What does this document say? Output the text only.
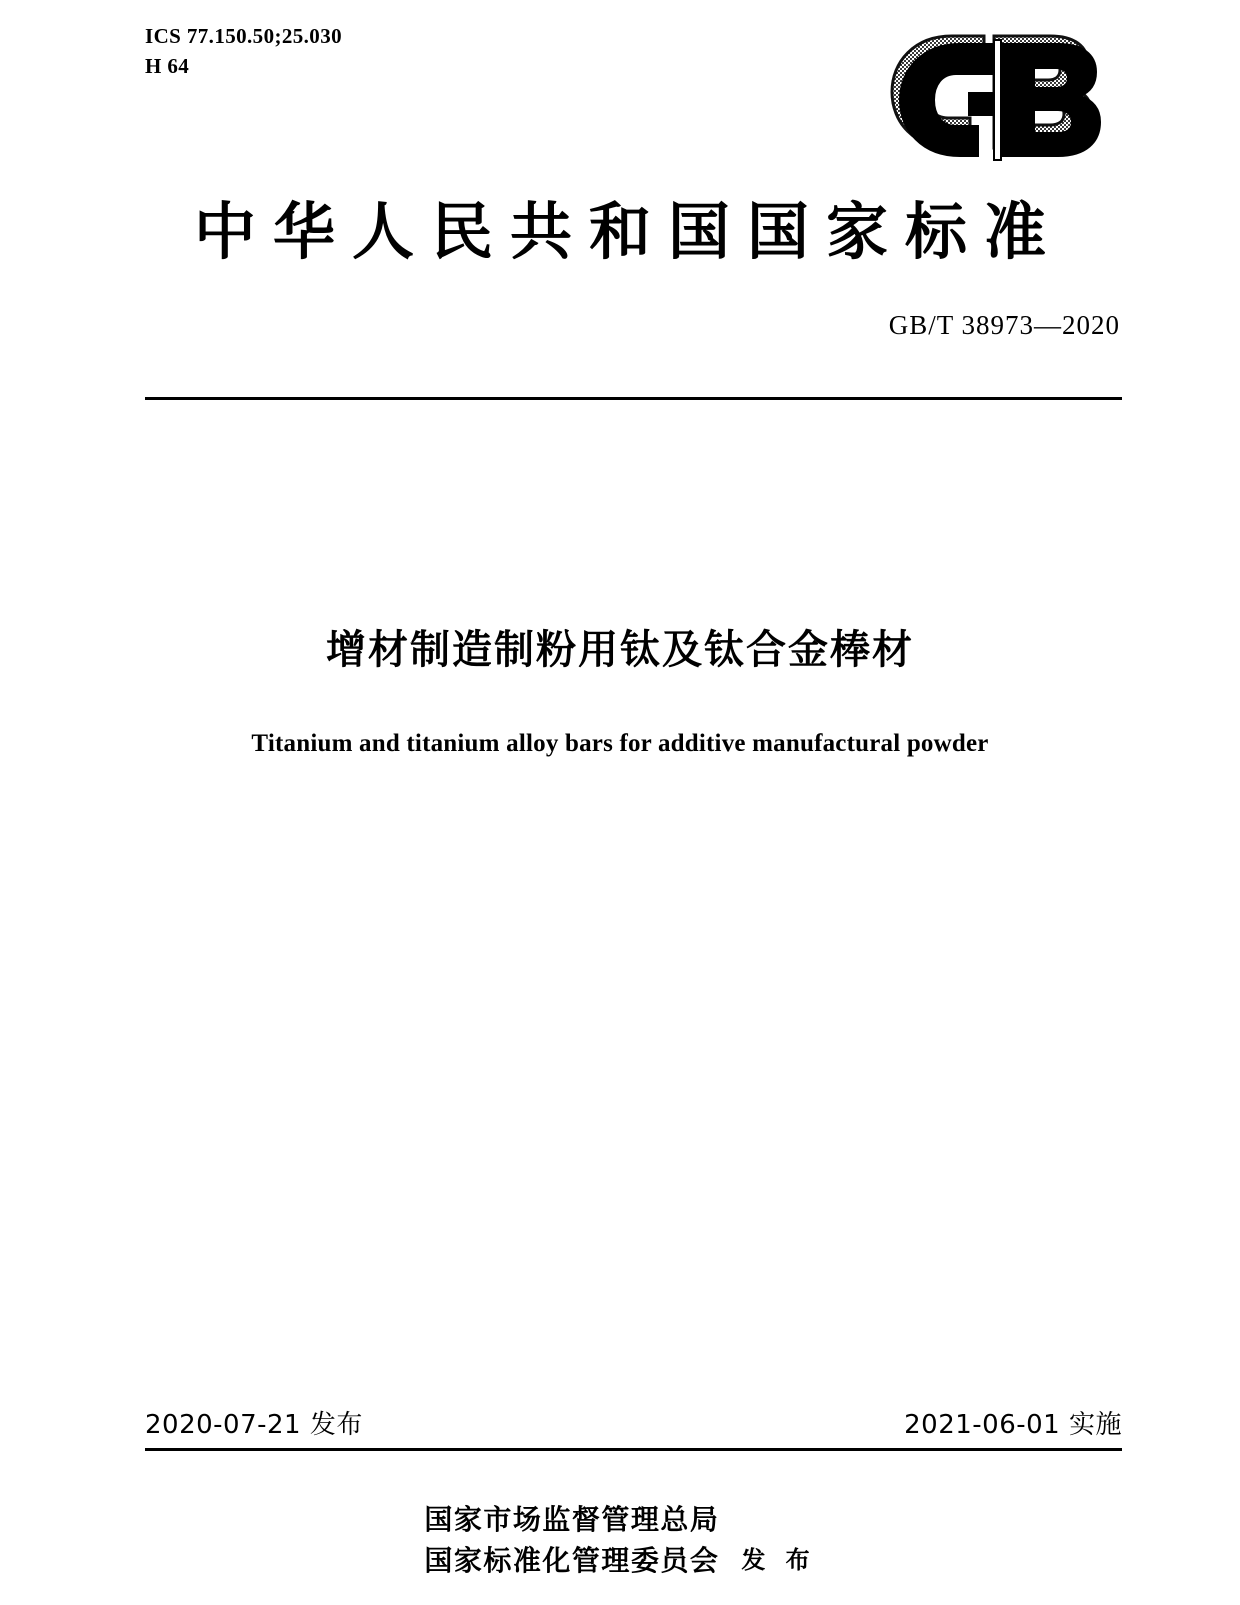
ICS 77.150.50;25.030
H 64
中华人民共和国国家标准
GB/T 38973—2020
增材制造制粉用钛及钛合金棒材
Titanium and titanium alloy bars for additive manufactural powder
2020-07-21 发布	2021-06-01 实施
国家市场监督管理总局
国家标准化管理委员会 发 布
